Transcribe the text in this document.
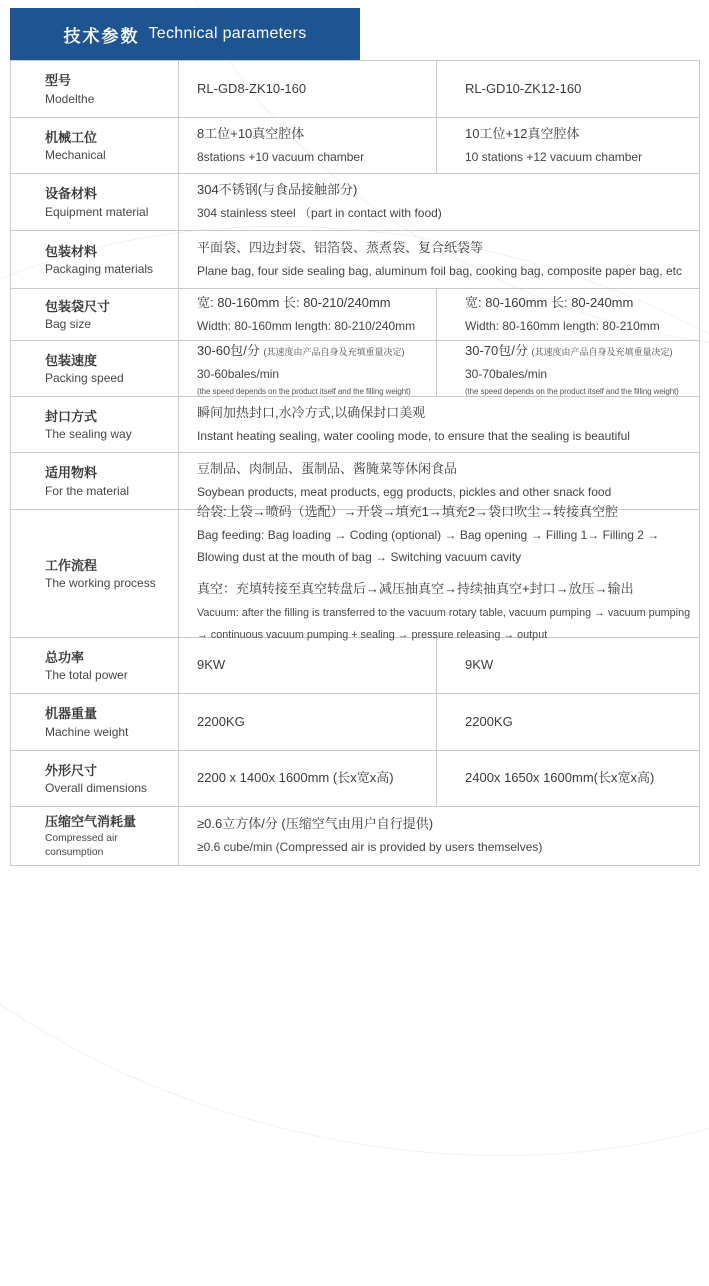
技术参数 Technical parameters
型号
Modelthe
RL-GD8-ZK10-160	RL-GD10-ZK12-160
机械工位
Mechanical
8工位+10真空腔体
8stations +10 vacuum chamber
10工位+12真空腔体
10 stations +12 vacuum chamber
设备材料
Equipment material
304不锈钢(与食品接触部分)
304 stainless steel （part in contact with food)
包装材料
Packaging materials
平面袋、四边封袋、铝箔袋、蒸煮袋、复合纸袋等
Plane bag, four side sealing bag, aluminum foil bag, cooking bag, composite paper bag, etc
包装袋尺寸
Bag size
宽: 80-160mm 长: 80-210/240mm
Width: 80-160mm length: 80-210/240mm
宽: 80-160mm 长: 80-240mm
Width: 80-160mm length: 80-210mm
包装速度
Packing speed
30-60包/分 (其速度由产品自身及充填重量决定)
30-60bales/min
(the speed depends on the product itself and the filling weight)
30-70包/分 (其速度由产品自身及充填重量决定)
30-70bales/min
(the speed depends on the product itself and the filling weight)
封口方式
The sealing way
瞬间加热封口,水冷方式,以确保封口美观
Instant heating sealing, water cooling mode, to ensure that the sealing is beautiful
适用物料
For the material
豆制品、肉制品、蛋制品、酱腌菜等休闲食品
Soybean products, meat products, egg products, pickles and other snack food
工作流程
The working process
给袋:上袋→喷码（选配）→开袋→填充1→填充2→袋口吹尘→转接真空腔
Bag feeding: Bag loading → Coding (optional) → Bag opening → Filling 1→ Filling 2 → Blowing dust at the mouth of bag → Switching vacuum cavity
真空：充填转接至真空转盘后→减压抽真空→持续抽真空+封口→放压→输出
Vacuum: after the filling is transferred to the vacuum rotary table, vacuum pumping → vacuum pumping → continuous vacuum pumping + sealing → pressure releasing → output
总功率
The total power
9KW	9KW
机器重量
Machine weight
2200KG	2200KG
外形尺寸
Overall dimensions
2200 x 1400x 1600mm (长x宽x高)	2400x 1650x 1600mm(长x宽x高)
压缩空气消耗量
Compressed air consumption
≥0.6立方体/分 (压缩空气由用户自行提供)
≥0.6 cube/min (Compressed air is provided by users themselves)
